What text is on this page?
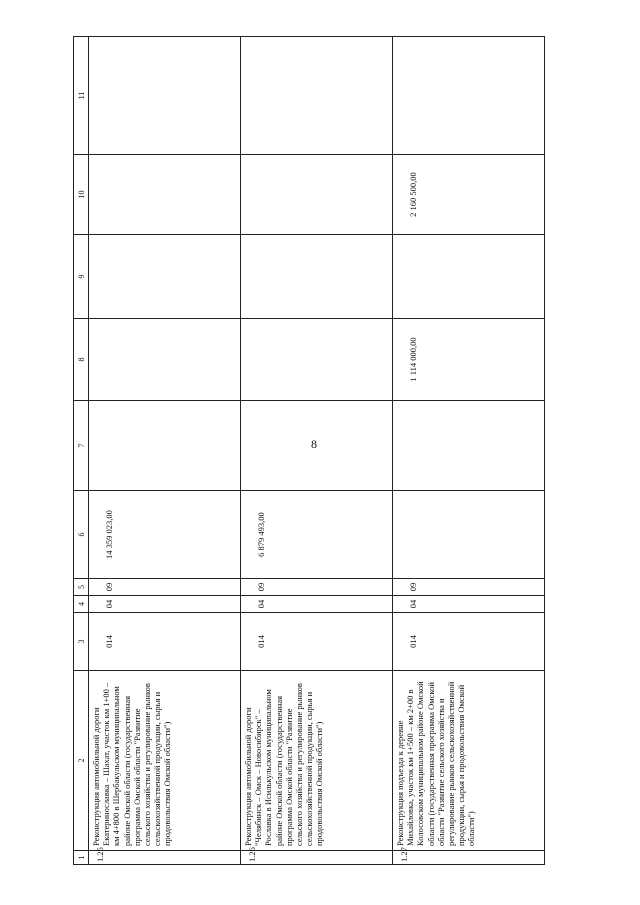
8
1	2	3	4	5	6	7	8	9	10	11
1.25	Реконструкция автомобильной дороги Екатеринославка – Шахат, участок км 1+00 – км 4+800 в Шербакульском муниципальном районе Омской области (государственная программа Омской области "Развитие сельского хозяйства и регулирование рынков сельскохозяйственной продукции, сырья и продовольствия Омской области")	014	04	09	14 359 023,00					
1.26	Реконструкция автомобильной дороги "Челябинск – Омск – Новосибирск" – Рославка в Исилькульском муниципальном районе Омской области (государственная программа Омской области "Развитие сельского хозяйства и регулирование рынков сельскохозяйственной продукции, сырья и продовольствия Омской области")	014	04	09	6 879 493,00					
1.27	Реконструкция подъезда к деревне Михайловка, участок км 1+500 – км 2+00 в Колосовском муниципальном районе Омской области (государственная программа Омской области "Развитие сельского хозяйства и регулирование рынков сельскохозяйственной продукции, сырья и продовольствия Омской области")	014	04	09			1 114 000,00		2 160 500,00	
